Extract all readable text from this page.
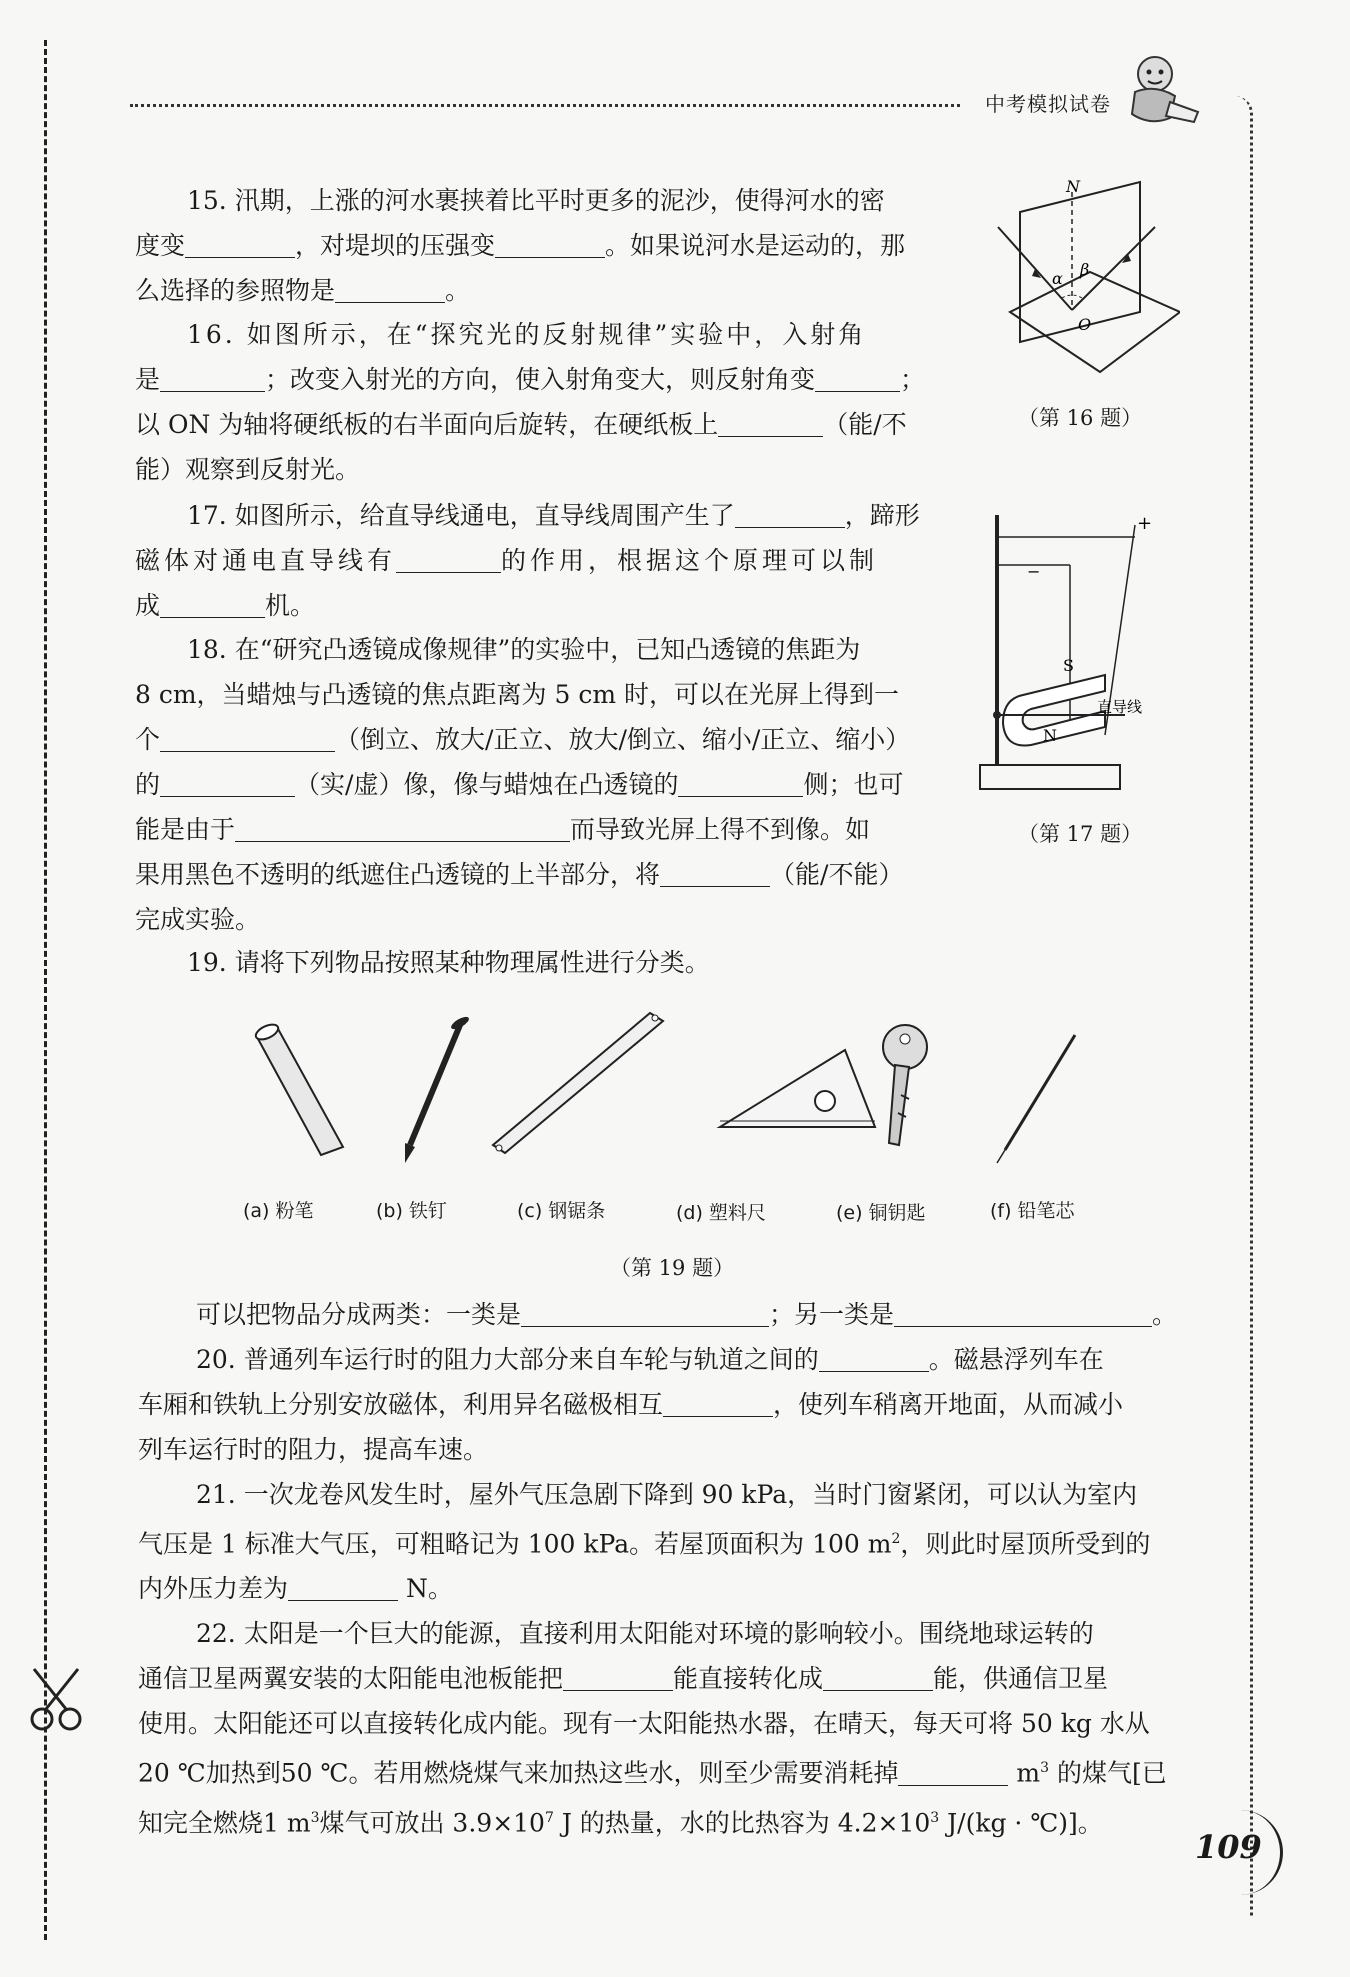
中考模拟试卷
109
15. 汛期，上涨的河水裹挟着比平时更多的泥沙，使得河水的密
度变	，对堤坝的压强变	。如果说河水是运动的，那
么选择的参照物是	。
16. 如图所示，在“探究光的反射规律”实验中，入射角
是	；改变入射光的方向，使入射角变大，则反射角变	；
以 ON 为轴将硬纸板的右半面向后旋转，在硬纸板上	（能/不
能）观察到反射光。
N
O
α β
（第 16 题）
17. 如图所示，给直导线通电，直导线周围产生了	，蹄形
磁体对通电直导线有	的作用，根据这个原理可以制
成	机。
+
−
S
N
直导线
（第 17 题）
18. 在“研究凸透镜成像规律”的实验中，已知凸透镜的焦距为
8 cm，当蜡烛与凸透镜的焦点距离为 5 cm 时，可以在光屏上得到一
个	（倒立、放大/正立、放大/倒立、缩小/正立、缩小）
的	（实/虚）像，像与蜡烛在凸透镜的	侧；也可
能是由于	而导致光屏上得不到像。如
果用黑色不透明的纸遮住凸透镜的上半部分，将	（能/不能）
完成实验。
19. 请将下列物品按照某种物理属性进行分类。
(a) 粉笔	(b) 铁钉	(c) 钢锯条	(d) 塑料尺	(e) 铜钥匙	(f) 铅笔芯
（第 19 题）
可以把物品分成两类：一类是	；另一类是	。
20. 普通列车运行时的阻力大部分来自车轮与轨道之间的	。磁悬浮列车在
车厢和铁轨上分别安放磁体，利用异名磁极相互	，使列车稍离开地面，从而减小
列车运行时的阻力，提高车速。
21. 一次龙卷风发生时，屋外气压急剧下降到 90 kPa，当时门窗紧闭，可以认为室内
气压是 1 标准大气压，可粗略记为 100 kPa。若屋顶面积为 100 $m^2$，则此时屋顶所受到的
内外压力差为	N。
22. 太阳是一个巨大的能源，直接利用太阳能对环境的影响较小。围绕地球运转的
通信卫星两翼安装的太阳能电池板能把	能直接转化成	能，供通信卫星
使用。太阳能还可以直接转化成内能。现有一太阳能热水器，在晴天，每天可将 50 kg 水从
20 ℃加热到50 ℃。若用燃烧煤气来加热这些水，则至少需要消耗掉	$m^3$ 的煤气[已
知完全燃烧1 $m^3$煤气可放出 $3.9\times 10^7$ J 的热量，水的比热容为 $4.2\times 10^3$ J/(kg · ℃)]。
